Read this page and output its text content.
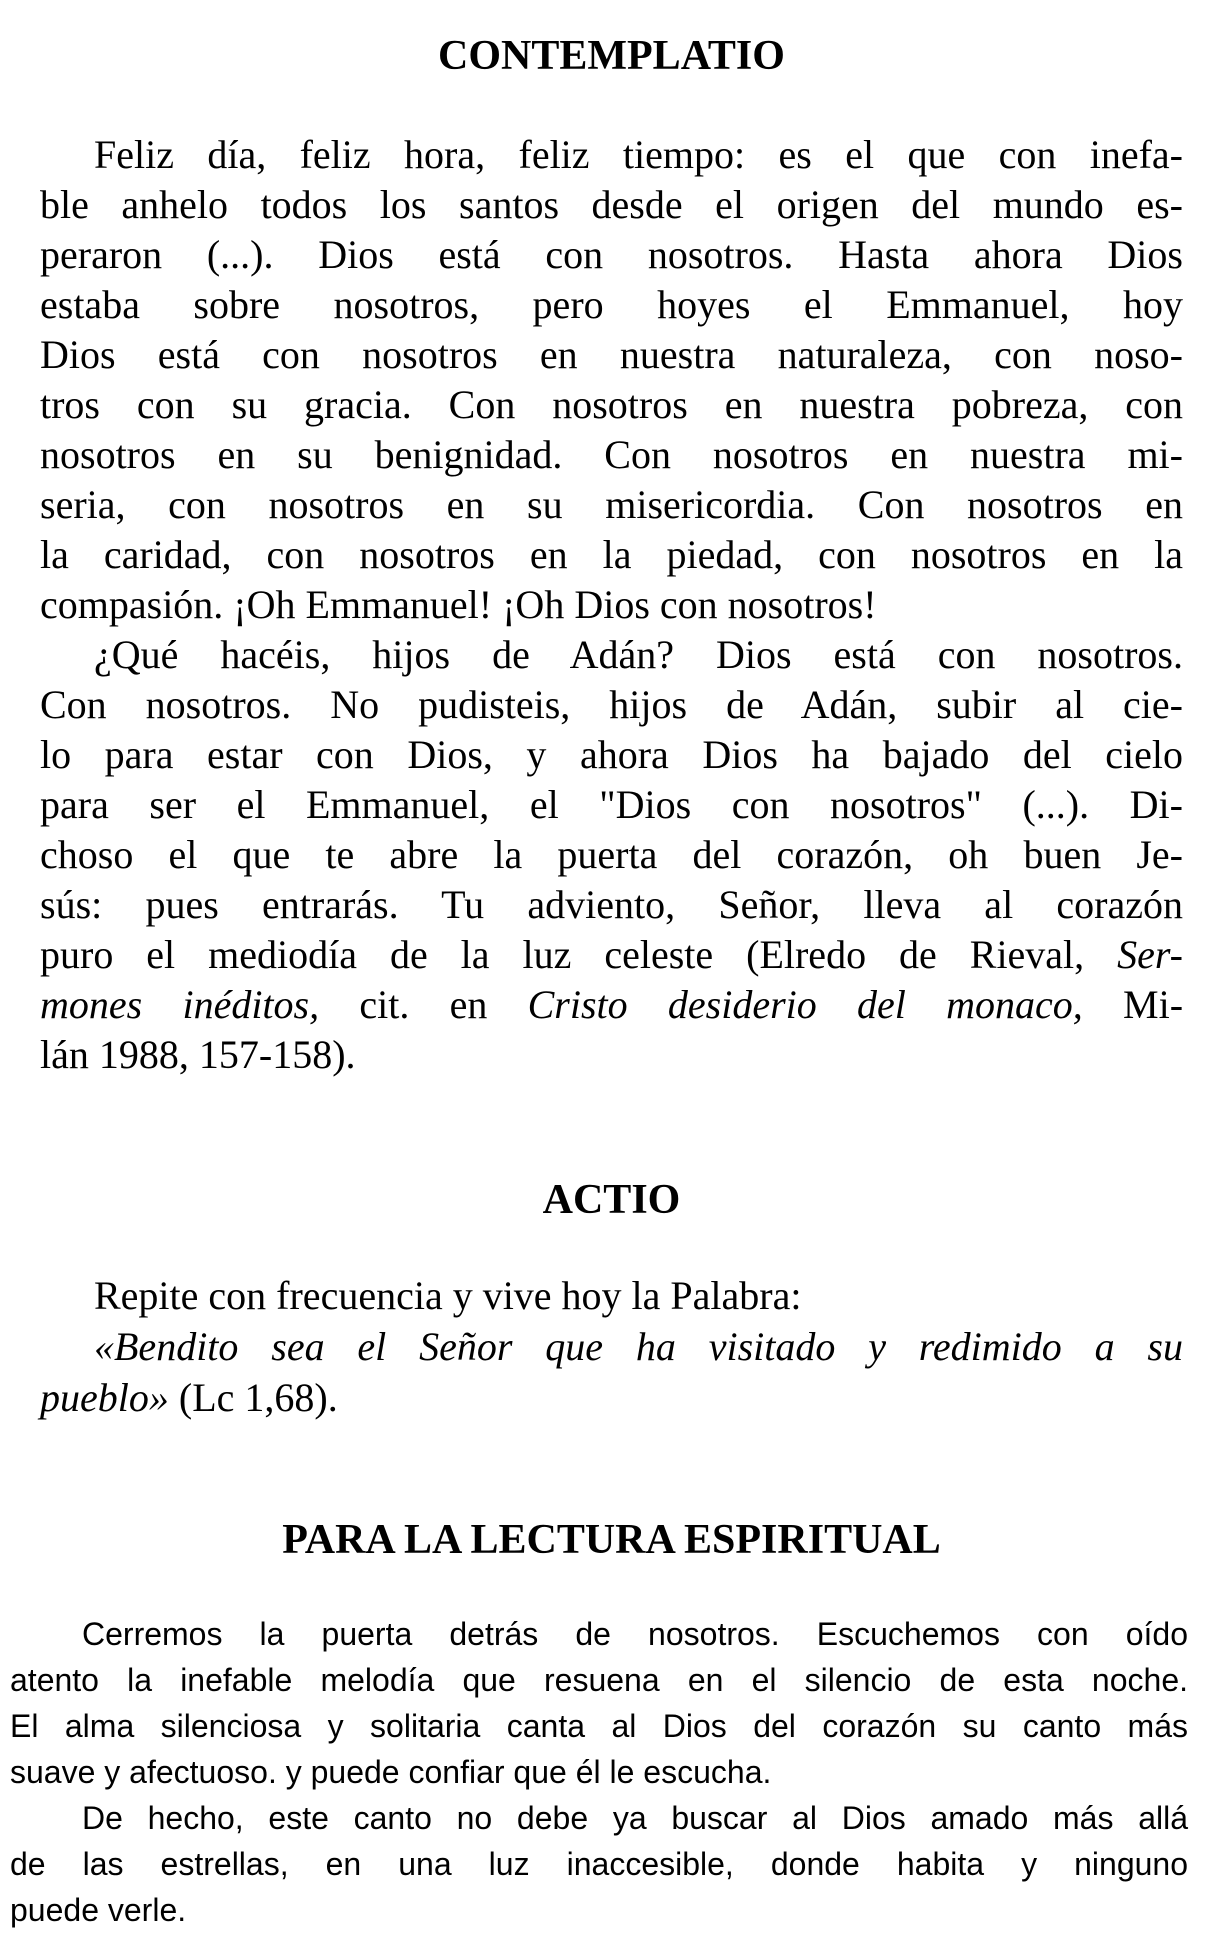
CONTEMPLATIO
Feliz día, feliz hora, feliz tiempo: es el que con inefa-
ble anhelo todos los santos desde el origen del mundo es-
peraron (...). Dios está con nosotros. Hasta ahora Dios
estaba sobre nosotros, pero hoyes el Emmanuel, hoy
Dios está con nosotros en nuestra naturaleza, con noso-
tros con su gracia. Con nosotros en nuestra pobreza, con
nosotros en su benignidad. Con nosotros en nuestra mi-
seria, con nosotros en su misericordia. Con nosotros en
la caridad, con nosotros en la piedad, con nosotros en la
compasión. ¡Oh Emmanuel! ¡Oh Dios con nosotros!
¿Qué hacéis, hijos de Adán? Dios está con nosotros.
Con nosotros. No pudisteis, hijos de Adán, subir al cie-
lo para estar con Dios, y ahora Dios ha bajado del cielo
para ser el Emmanuel, el "Dios con nosotros" (...). Di-
choso el que te abre la puerta del corazón, oh buen Je-
sús: pues entrarás. Tu adviento, Señor, lleva al corazón
puro el mediodía de la luz celeste (Elredo de Rieval, Ser-
mones inéditos, cit. en Cristo desiderio del monaco, Mi-
lán 1988, 157-158).
ACTIO
Repite con frecuencia y vive hoy la Palabra:
«Bendito sea el Señor que ha visitado y redimido a su
pueblo» (Lc 1,68).
PARA LA LECTURA ESPIRITUAL
Cerremos la puerta detrás de nosotros. Escuchemos con oído
atento la inefable melodía que resuena en el silencio de esta noche.
El alma silenciosa y solitaria canta al Dios del corazón su canto más
suave y afectuoso. y puede confiar que él le escucha.
De hecho, este canto no debe ya buscar al Dios amado más allá
de las estrellas, en una luz inaccesible, donde habita y ninguno
puede verle.
